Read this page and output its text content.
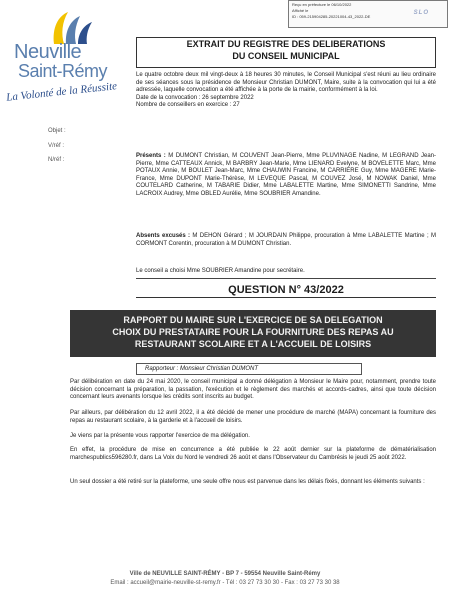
Reçu en préfecture le 06/10/2022
Affiché le
ID : 059-215904285-20221004-43_2022-DE
SLO
Neuville
Saint-Rémy
La Volonté de la Réussite
Objet :
V/réf :
N/réf :
EXTRAIT DU REGISTRE DES DELIBERATIONS
DU CONSEIL MUNICIPAL
Le quatre octobre deux mil vingt-deux à 18 heures 30 minutes, le Conseil Municipal s'est réuni au lieu ordinaire de ses séances sous la présidence de Monsieur Christian DUMONT, Maire, suite à la convocation qui lui a été adressée, laquelle convocation a été affichée à la porte de la mairie, conformément à la loi.
Date de la convocation : 26 septembre 2022
Nombre de conseillers en exercice : 27
Présents : M DUMONT Christian, M COUVENT Jean-Pierre, Mme PLUVINAGE Nadine, M LEGRAND Jean-Pierre, Mme CATTEAUX Annick, M BARBRY Jean-Marie, Mme LIENARD Evelyne, M BOVELETTE Marc, Mme POTAUX Annie, M BOULET Jean-Marc, Mme CHAUWIN Francine, M CARRIERE Guy, Mme MAGERE Marie-France, Mme DUPONT Marie-Thérèse, M LEVEQUE Pascal, M COUVEZ José, M NOWAK Daniel, Mme COUTELARD Catherine, M TABARIE Didier, Mme LABALETTE Martine, Mme SIMONETTI Sandrine, Mme LACROIX Audrey, Mme OBLED Aurélie, Mme SOUBRIER Amandine.
Absents excusés : M DEHON Gérard ; M JOURDAIN Philippe, procuration à Mme LABALETTE Martine ; M CORMONT Corentin, procuration à M DUMONT Christian.
Le conseil a choisi Mme SOUBRIER Amandine pour secrétaire.
QUESTION N° 43/2022
RAPPORT DU MAIRE SUR L'EXERCICE DE SA DELEGATION
CHOIX DU PRESTATAIRE POUR LA FOURNITURE DES REPAS AU
RESTAURANT SCOLAIRE ET A L'ACCUEIL DE LOISIRS
Rapporteur : Monsieur Christian DUMONT
Par délibération en date du 24 mai 2020, le conseil municipal a donné délégation à Monsieur le Maire pour, notamment, prendre toute décision concernant la préparation, la passation, l'exécution et le règlement des marchés et accords-cadres, ainsi que toute décision concernant leurs avenants lorsque les crédits sont inscrits au budget.
Par ailleurs, par délibération du 12 avril 2022, il a été décidé de mener une procédure de marché (MAPA) concernant la fourniture des repas au restaurant scolaire, à la garderie et à l'accueil de loisirs.
Je viens par la présente vous rapporter l'exercice de ma délégation.
En effet, la procédure de mise en concurrence a été publiée le 22 août dernier sur la plateforme de dématérialisation marchespublics596280.fr, dans La Voix du Nord le vendredi 26 août et dans l'Observateur du Cambrésis le jeudi 25 août 2022.
Un seul dossier a été retiré sur la plateforme, une seule offre nous est parvenue dans les délais fixés, donnant les éléments suivants :
Ville de NEUVILLE SAINT-RÉMY - BP 7 - 59554 Neuville Saint-Rémy
Email : accueil@mairie-neuville-st-remy.fr - Tél : 03 27 73 30 30 - Fax : 03 27 73 30 38
